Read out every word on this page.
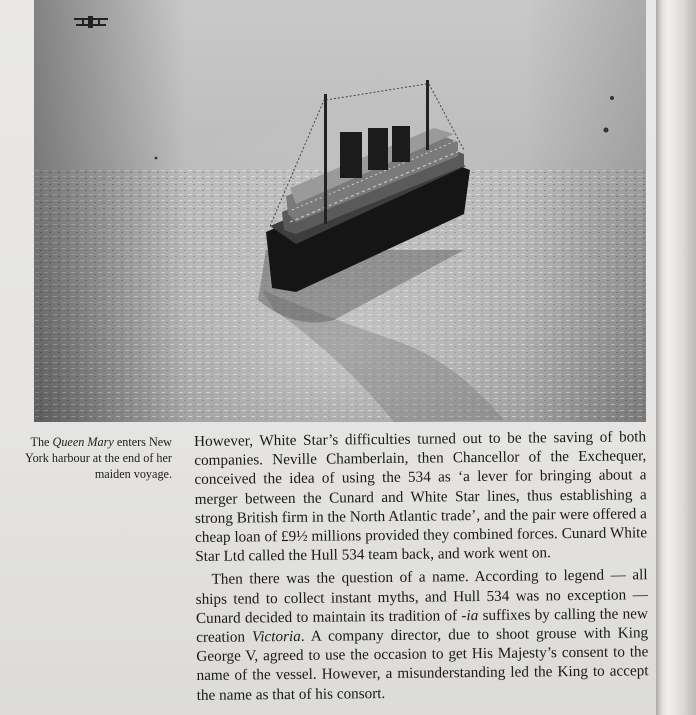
The Queen Mary enters New York harbour at the end of her maiden voyage.

However, White Star’s difficulties turned out to be the saving of both companies. Neville Chamberlain, then Chancellor of the Exchequer, conceived the idea of using the 534 as ‘a lever for bringing about a merger between the Cunard and White Star lines, thus establishing a strong British firm in the North Atlantic trade’, and the pair were offered a cheap loan of £9½ millions provided they combined forces. Cunard White Star Ltd called the Hull 534 team back, and work went on.

Then there was the question of a name. According to legend — all ships tend to collect instant myths, and Hull 534 was no exception — Cunard decided to maintain its tradition of -ia suffixes by calling the new creation Victoria. A company director, due to shoot grouse with King George V, agreed to use the occasion to get His Majesty’s consent to the name of the vessel. However, a misunderstanding led the King to accept the name as that of his consort.
